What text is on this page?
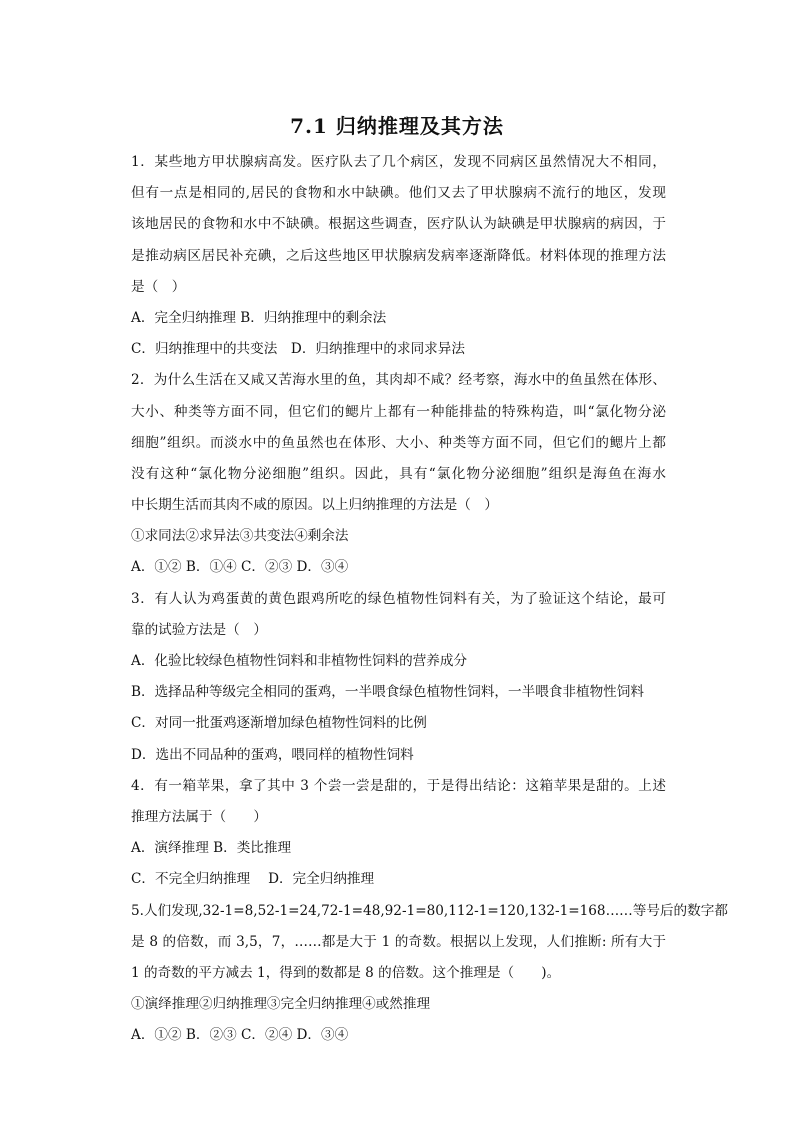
7.1 归纳推理及其方法
1．某些地方甲状腺病高发。医疗队去了几个病区，发现不同病区虽然情况大不相同，
但有一点是相同的,居民的食物和水中缺碘。他们又去了甲状腺病不流行的地区，发现
该地居民的食物和水中不缺碘。根据这些调查，医疗队认为缺碘是甲状腺病的病因，于
是推动病区居民补充碘，之后这些地区甲状腺病发病率逐渐降低。材料体现的推理方法
是（　）
A．完全归纳推理 B．归纳推理中的剩余法
C．归纳推理中的共变法　D．归纳推理中的求同求异法
2．为什么生活在又咸又苦海水里的鱼，其肉却不咸？经考察，海水中的鱼虽然在体形、
大小、种类等方面不同，但它们的鳃片上都有一种能排盐的特殊构造，叫“氯化物分泌
细胞”组织。而淡水中的鱼虽然也在体形、大小、种类等方面不同，但它们的鳃片上都
没有这种“氯化物分泌细胞”组织。因此，具有“氯化物分泌细胞”组织是海鱼在海水
中长期生活而其肉不咸的原因。以上归纳推理的方法是（　）
①求同法②求异法③共变法④剩余法
A．①② B．①④ C．②③ D．③④
3．有人认为鸡蛋黄的黄色跟鸡所吃的绿色植物性饲料有关，为了验证这个结论，最可
靠的试验方法是（　）
A．化验比较绿色植物性饲料和非植物性饲料的营养成分
B．选择品种等级完全相同的蛋鸡，一半喂食绿色植物性饲料，一半喂食非植物性饲料
C．对同一批蛋鸡逐渐增加绿色植物性饲料的比例
D．选出不同品种的蛋鸡，喂同样的植物性饲料
4．有一箱苹果，拿了其中 3 个尝一尝是甜的，于是得出结论：这箱苹果是甜的。上述
推理方法属于（　　）
A．演绎推理 B．类比推理
C．不完全归纳推理　 D．完全归纳推理
5.人们发现,32-1=8,52-1=24,72-1=48,92-1=80,112-1=120,132-1=168……等号后的数字都
是 8 的倍数，而 3,5，7，……都是大于 1 的奇数。根据以上发现，人们推断: 所有大于
1 的奇数的平方减去 1，得到的数都是 8 的倍数。这个推理是（　　)。
①演绎推理②归纳推理③完全归纳推理④或然推理
A．①② B．②③ C．②④ D．③④
